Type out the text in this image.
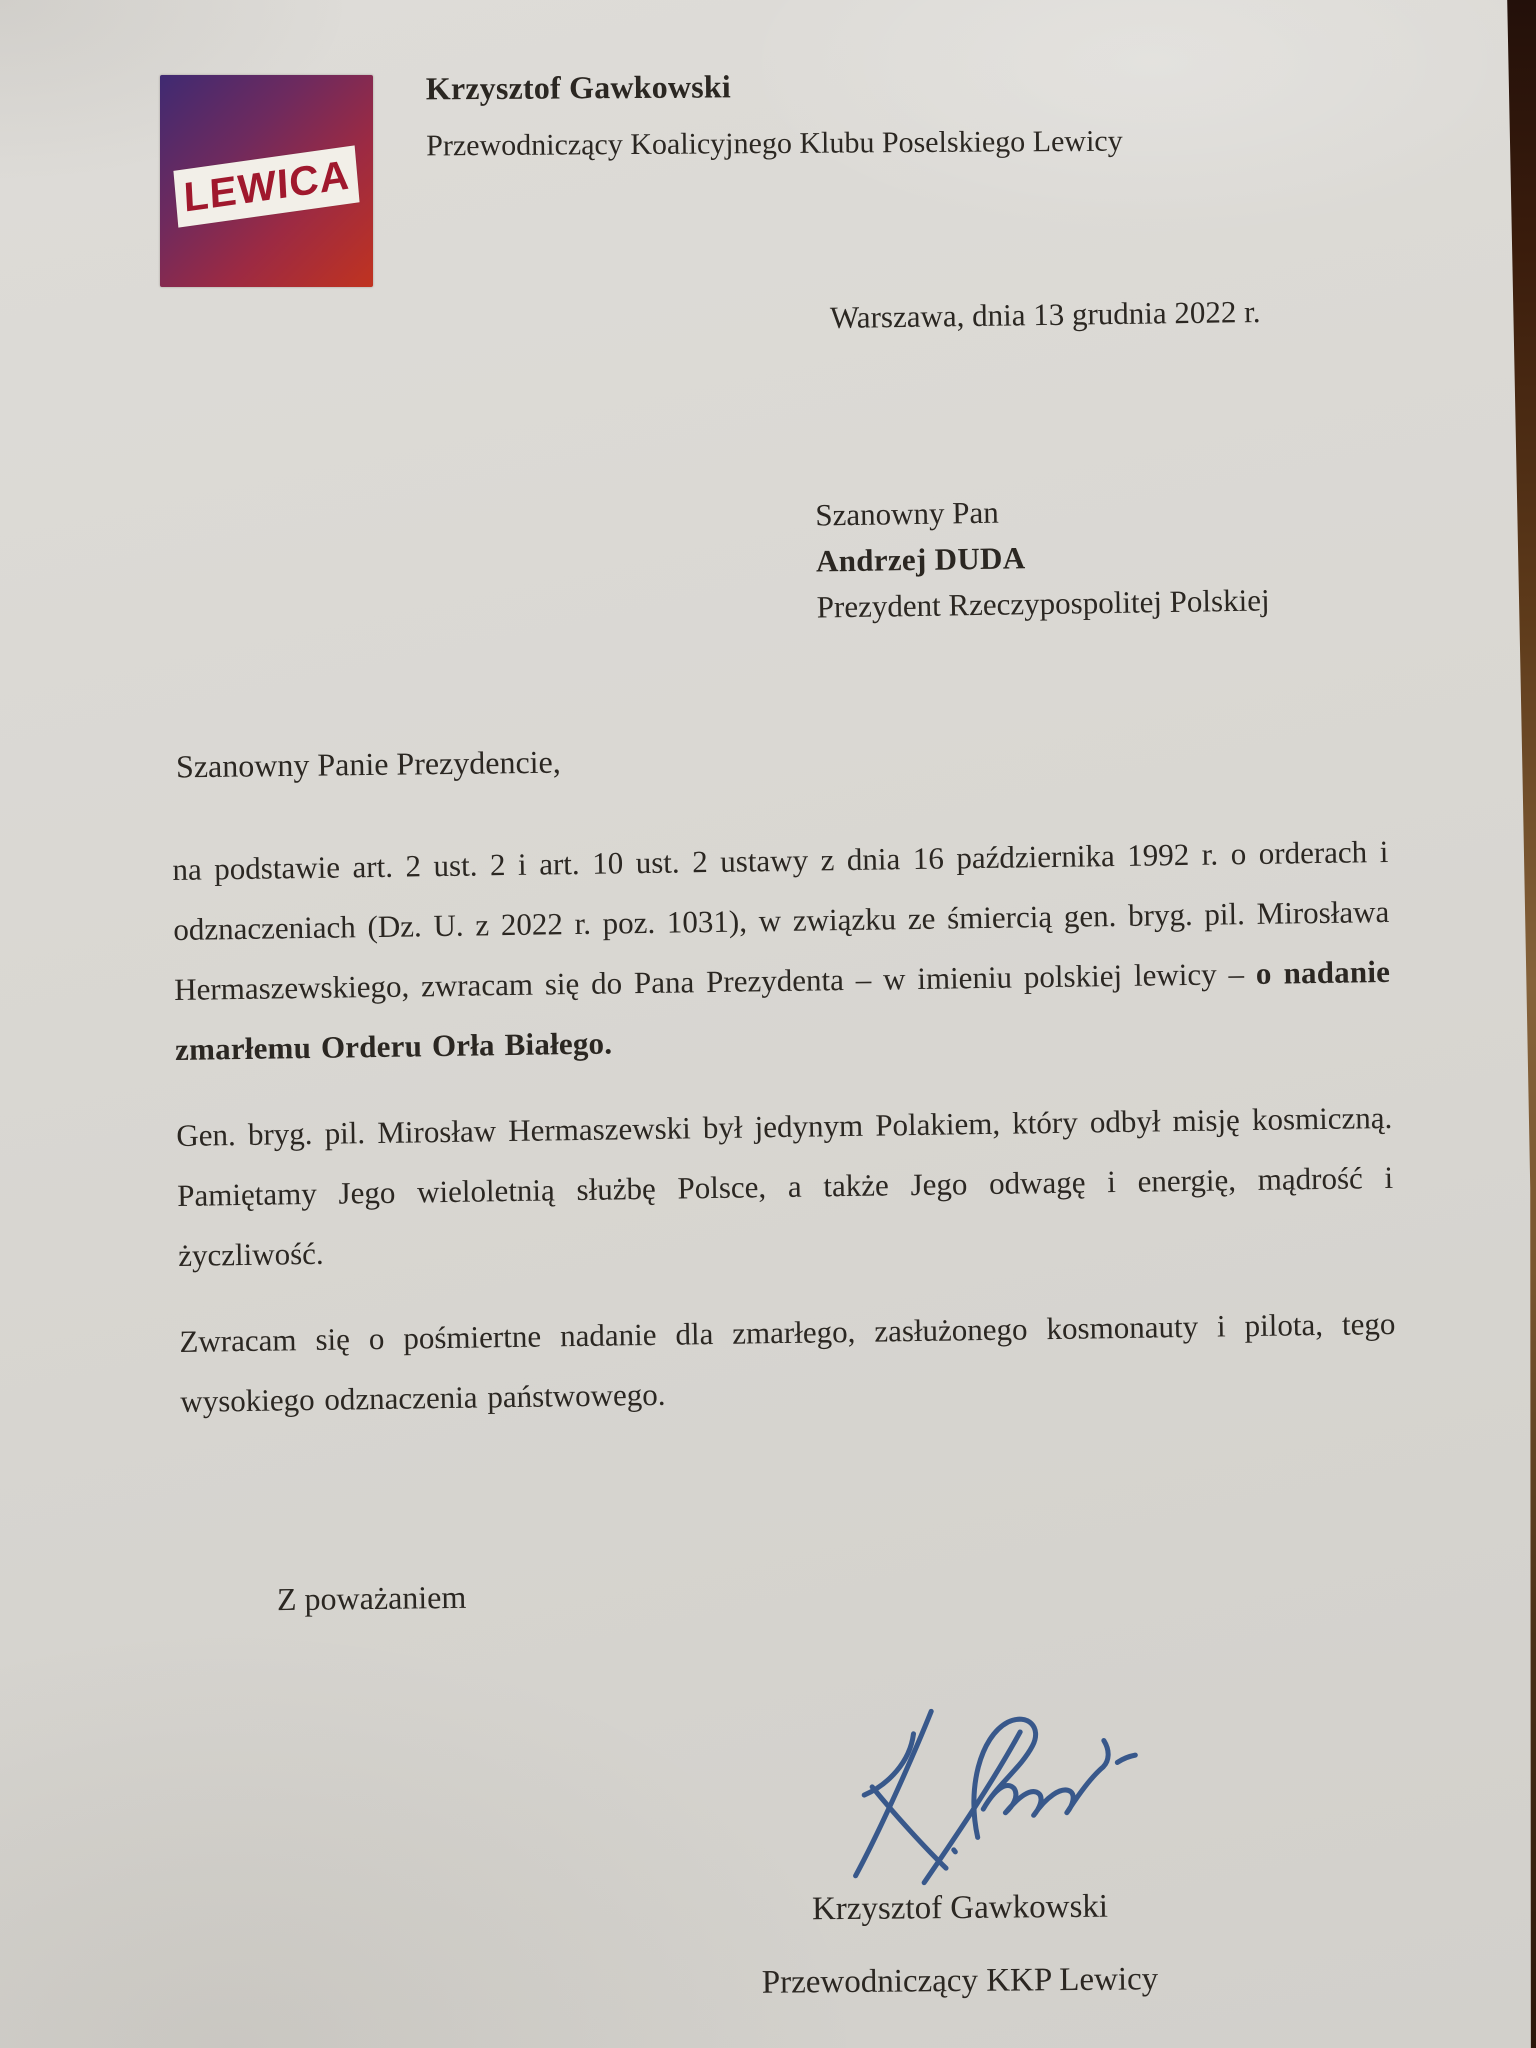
LEWICA
Krzysztof Gawkowski
Przewodniczący Koalicyjnego Klubu Poselskiego Lewicy
Warszawa, dnia 13 grudnia 2022 r.
Szanowny Pan
Andrzej DUDA
Prezydent Rzeczypospolitej Polskiej
Szanowny Panie Prezydencie,

na podstawie art. 2 ust. 2 i art. 10 ust. 2 ustawy z dnia 16 października 1992 r. o orderach i odznaczeniach (Dz. U. z 2022 r. poz. 1031), w związku ze śmiercią gen. bryg. pil. Mirosława Hermaszewskiego, zwracam się do Pana Prezydenta – w imieniu polskiej lewicy – o nadanie zmarłemu Orderu Orła Białego.

Gen. bryg. pil. Mirosław Hermaszewski był jedynym Polakiem, który odbył misję kosmiczną. Pamiętamy Jego wieloletnią służbę Polsce, a także Jego odwagę i energię, mądrość i życzliwość.

Zwracam się o pośmiertne nadanie dla zmarłego, zasłużonego kosmonauty i pilota, tego wysokiego odznaczenia państwowego.

Z poważaniem
Krzysztof Gawkowski
Przewodniczący KKP Lewicy
